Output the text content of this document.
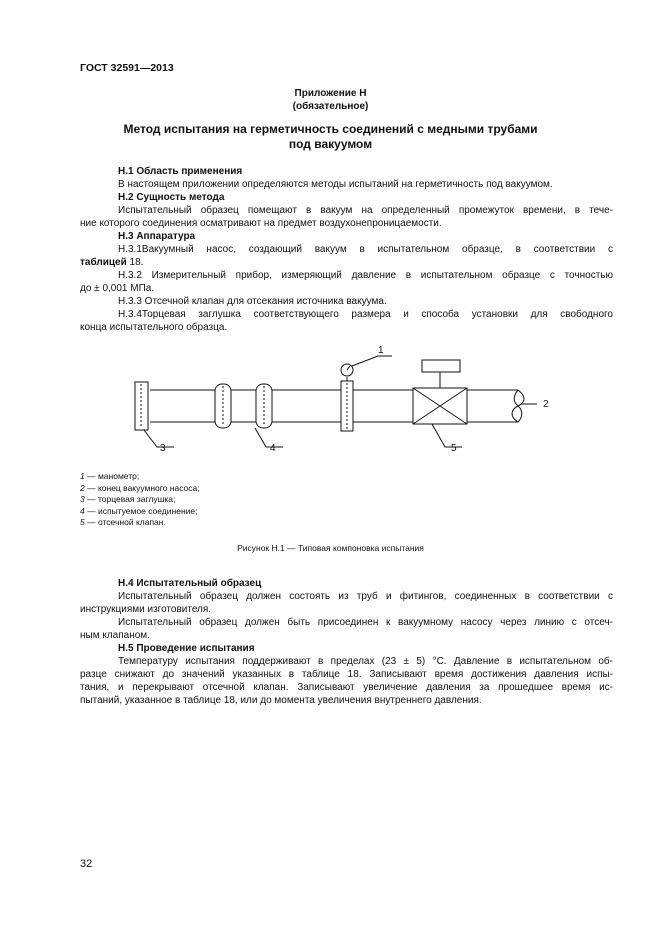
ГОСТ 32591—2013
Приложение Н
(обязательное)
Метод испытания на герметичность соединений с медными трубами
под вакуумом
Н.1 Область применения
В настоящем приложении определяются методы испытаний на герметичность под вакуумом.
Н.2 Сущность метода
Испытательный образец помещают в вакуум на определенный промежуток времени, в тече-
ние которого соединения осматривают на предмет воздухонепроницаемости.
Н.3 Аппаратура
Н.3.1Вакуумный насос, создающий вакуум в испытательном образце, в соответствии с
таблицей 18.
Н.3.2 Измерительный прибор, измеряющий давление в испытательном образце с точностью
до ± 0,001 МПа.
Н.3.3 Отсечной клапан для отсекания источника вакуума.
Н.3.4Торцевая заглушка соответствующего размера и способа установки для свободного
конца испытательного образца.
1
2
3	4	5
1 — манометр;
2 — конец вакуумного насоса;
3 — торцевая заглушка;
4 — испытуемое соединение;
5 — отсечной клапан.
Рисунок Н.1 — Типовая компоновка испытания
Н.4 Испытательный образец
Испытательный образец должен состоять из труб и фитингов, соединенных в соответствии с
инструкциями изготовителя.
Испытательный образец должен быть присоединен к вакуумному насосу через линию с отсеч-
ным клапаном.
Н.5 Проведение испытания
Температуру испытания поддерживают в пределах (23 ± 5) °С. Давление в испытательном об-
разце снижают до значений указанных в таблице 18. Записывают время достижения давления испы-
тания, и перекрывают отсечной клапан. Записывают увеличение давления за прошедшее время ис-
пытаний, указанное в таблице 18, или до момента увеличения внутреннего давления.
32
